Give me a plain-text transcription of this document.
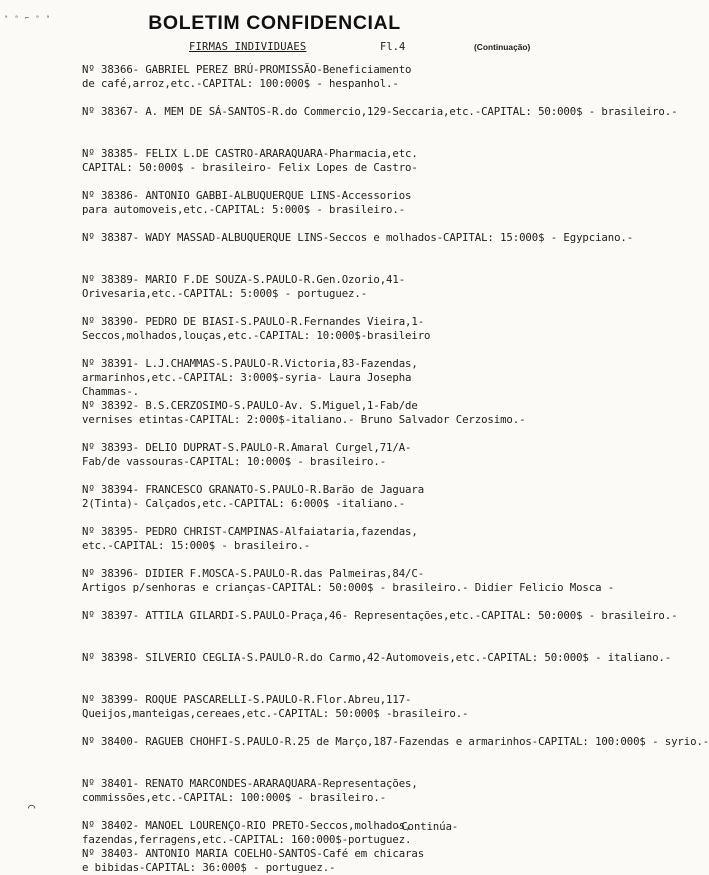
ᵃ ᵃ ⌐ ᵃ ᵃ	BOLETIM CONFIDENCIAL
FIRMAS INDIVIDUAES	Fl.4	(Continuação)
Nº 38366- GABRIEL PEREZ BRÚ-PROMISSÃO-Beneficiamento
de café,arroz,etc.-CAPITAL: 100:000$ - hespanhol.-
Nº 38367- A. MEM DE SÁ-SANTOS-R.do Commercio,129-Seccaria,etc.-CAPITAL: 50:000$ - brasileiro.-
Nº 38385- FELIX L.DE CASTRO-ARARAQUARA-Pharmacia,etc.
CAPITAL: 50:000$ - brasileiro- Felix Lopes de Castro-
Nº 38386- ANTONIO GABBI-ALBUQUERQUE LINS-Accessorios
para automoveis,etc.-CAPITAL: 5:000$ - brasileiro.-
Nº 38387- WADY MASSAD-ALBUQUERQUE LINS-Seccos e molhados-CAPITAL: 15:000$ - Egypciano.-
Nº 38389- MARIO F.DE SOUZA-S.PAULO-R.Gen.Ozorio,41-
Orivesaria,etc.-CAPITAL: 5:000$ - portuguez.-
Nº 38390- PEDRO DE BIASI-S.PAULO-R.Fernandes Vieira,1-
Seccos,molhados,louças,etc.-CAPITAL: 10:000$-brasileiro
Nº 38391- L.J.CHAMMAS-S.PAULO-R.Victoria,83-Fazendas,
armarinhos,etc.-CAPITAL: 3:000$-syria- Laura Josepha
Chammas-.
Nº 38392- B.S.CERZOSIMO-S.PAULO-Av. S.Miguel,1-Fab/de
vernises etintas-CAPITAL: 2:000$-italiano.- Bruno Salvador Cerzosimo.-
Nº 38393- DELIO DUPRAT-S.PAULO-R.Amaral Curgel,71/A-
Fab/de vassouras-CAPITAL: 10:000$ - brasileiro.-
Nº 38394- FRANCESCO GRANATO-S.PAULO-R.Barão de Jaguara
2(Tinta)- Calçados,etc.-CAPITAL: 6:000$ -italiano.-
Nº 38395- PEDRO CHRIST-CAMPINAS-Alfaiataria,fazendas,
etc.-CAPITAL: 15:000$ - brasileiro.-
Nº 38396- DIDIER F.MOSCA-S.PAULO-R.das Palmeiras,84/C-
Artigos p/senhoras e crianças-CAPITAL: 50:000$ - brasileiro.- Didier Felicio Mosca -
Nº 38397- ATTILA GILARDI-S.PAULO-Praça,46- Representações,etc.-CAPITAL: 50:000$ - brasileiro.-
Nº 38398- SILVERIO CEGLIA-S.PAULO-R.do Carmo,42-Automoveis,etc.-CAPITAL: 50:000$ - italiano.-
Nº 38399- ROQUE PASCARELLI-S.PAULO-R.Flor.Abreu,117-
Queijos,manteigas,cereaes,etc.-CAPITAL: 50:000$ -brasileiro.-
Nº 38400- RAGUEB CHOHFI-S.PAULO-R.25 de Março,187-Fazendas e armarinhos-CAPITAL: 100:000$ - syrio.-
Nº 38401- RENATO MARCONDES-ARARAQUARA-Representações,
commissões,etc.-CAPITAL: 100:000$ - brasileiro.-
Nº 38402- MANOEL LOURENÇO-RIO PRETO-Seccos,molhados,
fazendas,ferragens,etc.-CAPITAL: 160:000$-portuguez.
Nº 38403- ANTONIO MARIA COELHO-SANTOS-Café em chicaras
e bibidas-CAPITAL: 36:000$ - portuguez.-
⌒
-Continúa-
